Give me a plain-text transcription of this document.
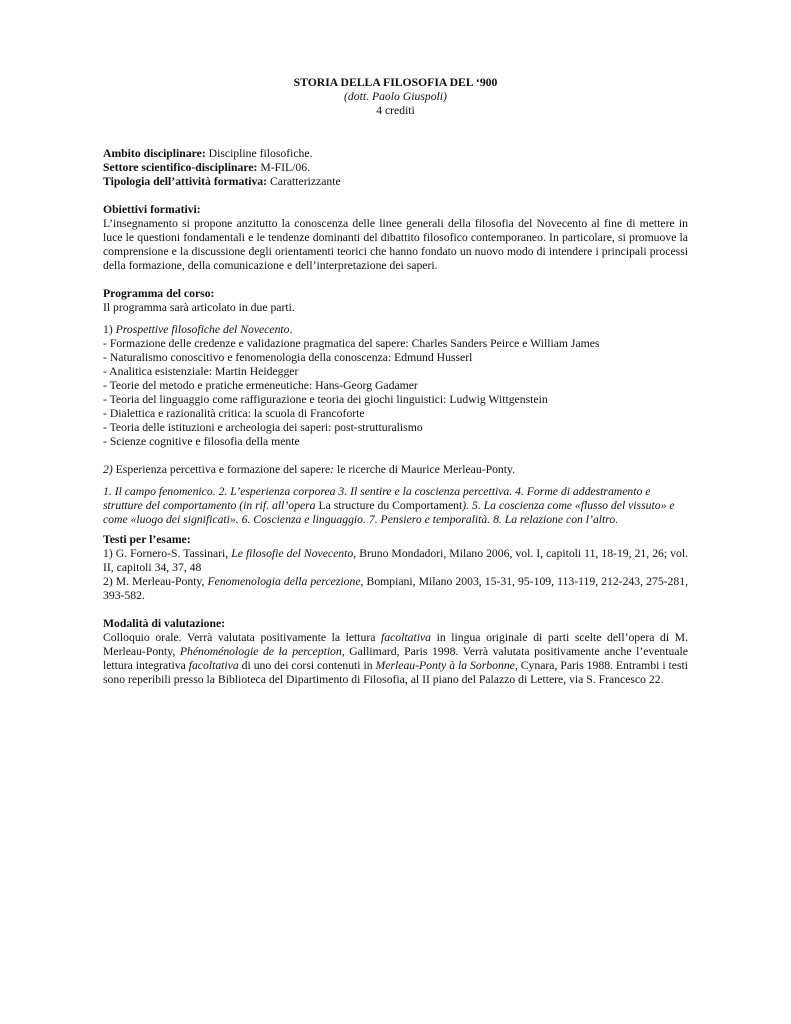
STORIA DELLA FILOSOFIA DEL ‘900

(dott. Paolo Giuspoli)

4 crediti

Ambito disciplinare: Discipline filosofiche.

Settore scientifico-disciplinare: M-FIL/06.

Tipologia dell’attività formativa: Caratterizzante

Obiettivi formativi:

L’insegnamento si propone anzitutto la conoscenza delle linee generali della filosofia del Novecento al fine di mettere in luce le questioni fondamentali e le tendenze dominanti del dibattito filosofico contemporaneo. In particolare, si promuove la comprensione e la discussione degli orientamenti teorici che hanno fondato un nuovo modo di intendere i principali processi della formazione, della comunicazione e dell’interpretazione dei saperi.

Programma del corso:

Il programma sarà articolato in due parti.

1) Prospettive filosofiche del Novecento.

- Formazione delle credenze e validazione pragmatica del sapere: Charles Sanders Peirce e William James

- Naturalismo conoscitivo e fenomenologia della conoscenza: Edmund Husserl

- Analitica esistenziale: Martin Heidegger

- Teorie del metodo e pratiche ermeneutiche: Hans-Georg Gadamer

- Teoria del linguaggio come raffigurazione e teoria dei giochi linguistici: Ludwig Wittgenstein

- Dialettica e razionalità critica: la scuola di Francoforte

- Teoria delle istituzioni e archeologia dei saperi: post-strutturalismo

- Scienze cognitive e filosofia della mente

2) Esperienza percettiva e formazione del sapere: le ricerche di Maurice Merleau-Ponty.

1. Il campo fenomenico. 2. L’esperienza corporea 3. Il sentire e la coscienza percettiva. 4. Forme di addestramento e strutture del comportamento (in rif. all’opera La structure du Comportament). 5. La coscienza come «flusso del vissuto» e come «luogo dei significati». 6. Coscienza e linguaggio. 7. Pensiero e temporalità. 8. La relazione con l’altro.

Testi per l’esame:

1) G. Fornero-S. Tassinari, Le filosofie del Novecento, Bruno Mondadori, Milano 2006, vol. I, capitoli 11, 18-19, 21, 26; vol. II, capitoli 34, 37, 48

2) M. Merleau-Ponty, Fenomenologia della percezione, Bompiani, Milano 2003, 15-31, 95-109, 113-119, 212-243, 275-281, 393-582.

Modalità di valutazione:

Colloquio orale. Verrà valutata positivamente la lettura facoltativa in lingua originale di parti scelte dell’opera di M. Merleau-Ponty, Phénoménologie de la perception, Gallimard, Paris 1998. Verrà valutata positivamente anche l’eventuale lettura integrativa facoltativa di uno dei corsi contenuti in Merleau-Ponty à la Sorbonne, Cynara, Paris 1988. Entrambi i testi sono reperibili presso la Biblioteca del Dipartimento di Filosofia, al II piano del Palazzo di Lettere, via S. Francesco 22.
